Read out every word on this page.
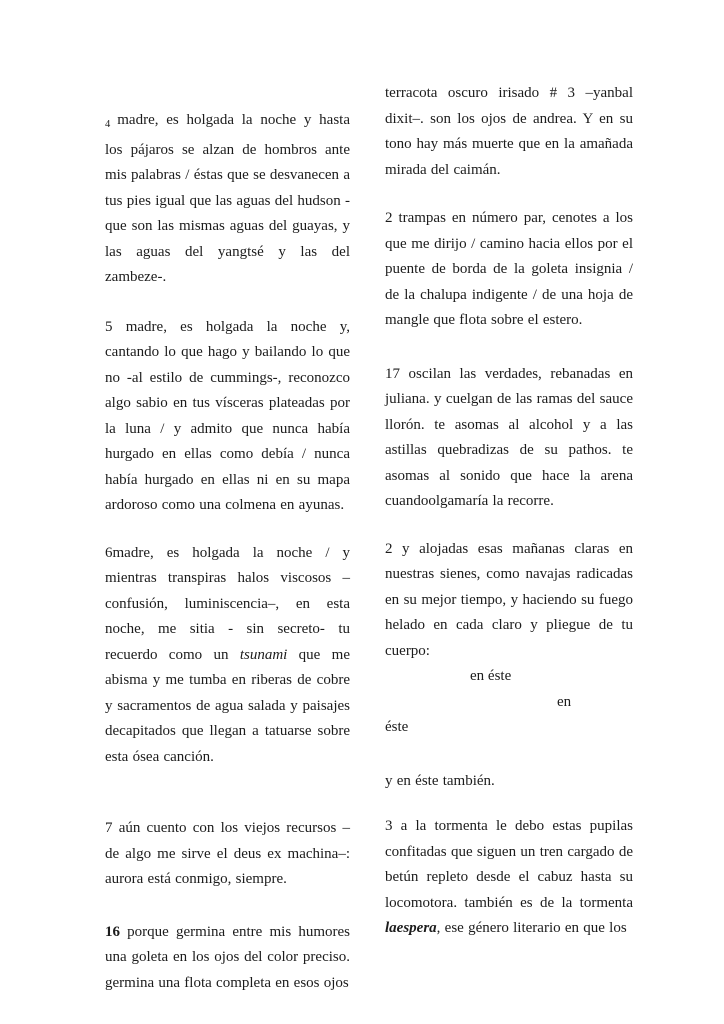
$_4$ madre, es holgada la noche y hasta los pájaros se alzan de hombros ante mis palabras / éstas que se desvanecen a tus pies igual que las aguas del hudson -que son las mismas aguas del guayas, y las aguas del yangtsé y las del zambeze-.

5 madre, es holgada la noche y, cantando lo que hago y bailando lo que no -al estilo de cummings-, reconozco algo sabio en tus vísceras plateadas por la luna / y admito que nunca había hurgado en ellas como debía / nunca había hurgado en ellas ni en su mapa ardoroso como una colmena en ayunas.

6madre, es holgada la noche / y mientras transpiras halos viscosos – confusión, luminiscencia–, en esta noche, me sitia - sin secreto- tu recuerdo como un tsunami que me abisma y me tumba en riberas de cobre y sacramentos de agua salada y paisajes decapitados que llegan a tatuarse sobre esta ósea canción.

7 aún cuento con los viejos recursos –de algo me sirve el deus ex machina–: aurora está conmigo, siempre.

16 porque germina entre mis humores una goleta en los ojos del color preciso. germina una flota completa en esos ojos

terracota oscuro irisado # 3 –yanbal dixit–. son los ojos de andrea. Y en su tono hay más muerte que en la amañada mirada del caimán.

2 trampas en número par, cenotes a los que me dirijo / camino hacia ellos por el puente de borda de la goleta insignia / de la chalupa indigente / de una hoja de mangle que flota sobre el estero.

17 oscilan las verdades, rebanadas en juliana. y cuelgan de las ramas del sauce llorón. te asomas al alcohol y a las astillas quebradizas de su pathos. te asomas al sonido que hace la arena cuandoolgamaría la recorre.

2 y alojadas esas mañanas claras en nuestras sienes, como navajas radicadas en su mejor tiempo, y haciendo su fuego helado en cada claro y pliegue de tu cuerpo:

en éste
en
éste

y en éste también.

3 a la tormenta le debo estas pupilas confitadas que siguen un tren cargado de betún repleto desde el cabuz hasta su locomotora. también es de la tormenta laespera, ese género literario en que los
